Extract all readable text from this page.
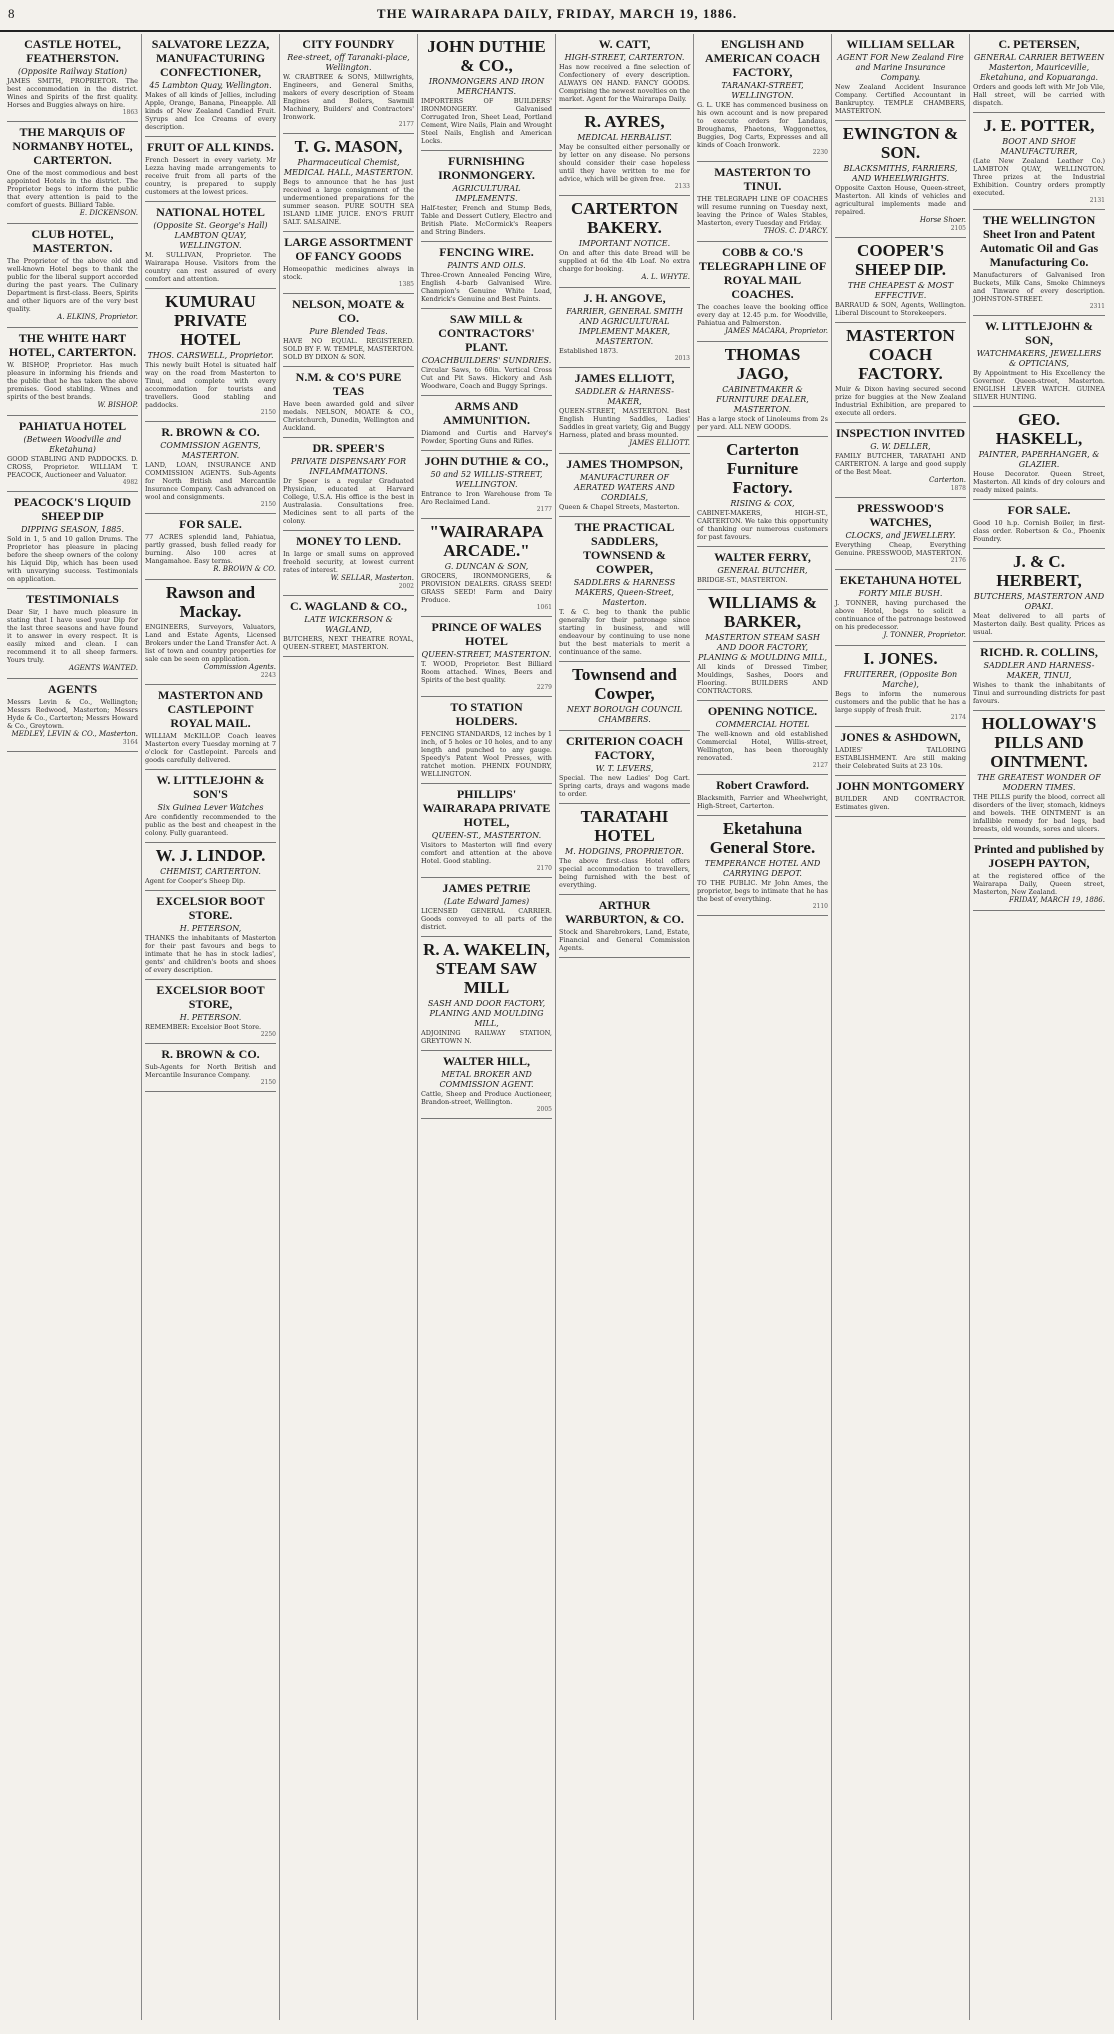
8	THE WAIRARAPA DAILY, FRIDAY, MARCH 19, 1886.
CASTLE HOTEL, FEATHERSTON.
(Opposite Railway Station)
JAMES SMITH, PROPRIETOR. The best accommodation in the district. Wines and Spirits of the first quality. Horses and Buggies always on hire.
1863
THE MARQUIS OF NORMANBY HOTEL, CARTERTON.
One of the most commodious and best appointed Hotels in the district. The Proprietor begs to inform the public that every attention is paid to the comfort of guests. Billiard Table.
E. DICKENSON.
CLUB HOTEL, MASTERTON.
The Proprietor of the above old and well-known Hotel begs to thank the public for the liberal support accorded during the past years. The Culinary Department is first-class. Beers, Spirits and other liquors are of the very best quality.
A. ELKINS, Proprietor.
THE WHITE HART HOTEL, CARTERTON.
W. BISHOP, Proprietor. Has much pleasure in informing his friends and the public that he has taken the above premises. Good stabling. Wines and spirits of the best brands.
W. BISHOP.
PAHIATUA HOTEL
(Between Woodville and Eketahuna)
GOOD STABLING AND PADDOCKS. D. CROSS, Proprietor. WILLIAM T. PEACOCK, Auctioneer and Valuator.
4982
PEACOCK'S LIQUID SHEEP DIP
DIPPING SEASON, 1885.
Sold in 1, 5 and 10 gallon Drums. The Proprietor has pleasure in placing before the sheep owners of the colony his Liquid Dip, which has been used with unvarying success. Testimonials on application.
TESTIMONIALS
Dear Sir, I have much pleasure in stating that I have used your Dip for the last three seasons and have found it to answer in every respect. It is easily mixed and clean. I can recommend it to all sheep farmers. Yours truly.
AGENTS WANTED.
AGENTS
Messrs Levin & Co., Wellington; Messrs Redwood, Masterton; Messrs Hyde & Co., Carterton; Messrs Howard & Co., Greytown.
MEDLEY, LEVIN & CO., Masterton.
3164
SALVATORE LEZZA, MANUFACTURING CONFECTIONER,
45 Lambton Quay, Wellington.
Makes of all kinds of Jellies, including Apple, Orange, Banana, Pineapple. All kinds of New Zealand Candied Fruit. Syrups and Ice Creams of every description.
FRUIT OF ALL KINDS.
French Dessert in every variety. Mr Lezza having made arrangements to receive fruit from all parts of the country, is prepared to supply customers at the lowest prices.
NATIONAL HOTEL
(Opposite St. George's Hall) LAMBTON QUAY, WELLINGTON.
M. SULLIVAN, Proprietor. The Wairarapa House. Visitors from the country can rest assured of every comfort and attention.
KUMURAU PRIVATE HOTEL
THOS. CARSWELL, Proprietor.
This newly built Hotel is situated half way on the road from Masterton to Tinui, and complete with every accommodation for tourists and travellers. Good stabling and paddocks.
2150
R. BROWN & CO.
COMMISSION AGENTS, MASTERTON.
LAND, LOAN, INSURANCE AND COMMISSION AGENTS. Sub-Agents for North British and Mercantile Insurance Company. Cash advanced on wool and consignments.
2150
FOR SALE.
77 ACRES splendid land, Pahiatua, partly grassed, bush felled ready for burning. Also 100 acres at Mangamahoe. Easy terms.
R. BROWN & CO.
Rawson and Mackay.
ENGINEERS, Surveyors, Valuators, Land and Estate Agents, Licensed Brokers under the Land Transfer Act. A list of town and country properties for sale can be seen on application.
Commission Agents.
2243
MASTERTON AND CASTLEPOINT ROYAL MAIL.
WILLIAM McKILLOP. Coach leaves Masterton every Tuesday morning at 7 o'clock for Castlepoint. Parcels and goods carefully delivered.
W. LITTLEJOHN & SON'S
Six Guinea Lever Watches
Are confidently recommended to the public as the best and cheapest in the colony. Fully guaranteed.
W. J. LINDOP.
CHEMIST, CARTERTON.
Agent for Cooper's Sheep Dip.
EXCELSIOR BOOT STORE.
H. PETERSON,
THANKS the inhabitants of Masterton for their past favours and begs to intimate that he has in stock ladies', gents' and children's boots and shoes of every description.
EXCELSIOR BOOT STORE,
H. PETERSON.
REMEMBER: Excelsior Boot Store.
2250
R. BROWN & CO.
Sub-Agents for North British and Mercantile Insurance Company.
2150
CITY FOUNDRY
Ree-street, off Taranaki-place, Wellington.
W. CRABTREE & SONS, Millwrights, Engineers, and General Smiths, makers of every description of Steam Engines and Boilers, Sawmill Machinery, Builders' and Contractors' Ironwork.
2177
T. G. MASON,
Pharmaceutical Chemist, MEDICAL HALL, MASTERTON.
Begs to announce that he has just received a large consignment of the undermentioned preparations for the summer season. PURE SOUTH SEA ISLAND LIME JUICE. ENO'S FRUIT SALT. SALSAINE.
LARGE ASSORTMENT OF FANCY GOODS
Homeopathic medicines always in stock.
1385
NELSON, MOATE & CO.
Pure Blended Teas.
HAVE NO EQUAL. REGISTERED. SOLD BY F. W. TEMPLE, MASTERTON. SOLD BY DIXON & SON.
N.M. & CO'S PURE TEAS
Have been awarded gold and silver medals. NELSON, MOATE & CO., Christchurch, Dunedin, Wellington and Auckland.
DR. SPEER'S
PRIVATE DISPENSARY FOR INFLAMMATIONS.
Dr Speer is a regular Graduated Physician, educated at Harvard College, U.S.A. His office is the best in Australasia. Consultations free. Medicines sent to all parts of the colony.
MONEY TO LEND.
In large or small sums on approved freehold security, at lowest current rates of interest.
W. SELLAR, Masterton.
2002
C. WAGLAND & CO.,
LATE WICKERSON & WAGLAND,
BUTCHERS, NEXT THEATRE ROYAL, QUEEN-STREET, MASTERTON.
JOHN DUTHIE & CO.,
IRONMONGERS AND IRON MERCHANTS.
IMPORTERS OF BUILDERS' IRONMONGERY. Galvanised Corrugated Iron, Sheet Lead, Portland Cement, Wire Nails, Plain and Wrought Steel Nails, English and American Locks.
FURNISHING IRONMONGERY.
AGRICULTURAL IMPLEMENTS.
Half-tester, French and Stump Beds, Table and Dessert Cutlery, Electro and British Plate. McCormick's Reapers and String Binders.
FENCING WIRE.
PAINTS AND OILS.
Three-Crown Annealed Fencing Wire, English 4-barb Galvanised Wire. Champion's Genuine White Lead, Kendrick's Genuine and Best Paints.
SAW MILL & CONTRACTORS' PLANT.
COACHBUILDERS' SUNDRIES.
Circular Saws, to 60in. Vertical Cross Cut and Pit Saws. Hickory and Ash Woodware, Coach and Buggy Springs.
ARMS AND AMMUNITION.
Diamond and Curtis and Harvey's Powder, Sporting Guns and Rifles.
JOHN DUTHIE & CO.,
50 and 52 WILLIS-STREET, WELLINGTON.
Entrance to Iron Warehouse from Te Aro Reclaimed Land.
2177
"WAIRARAPA ARCADE."
G. DUNCAN & SON,
GROCERS, IRONMONGERS, & PROVISION DEALERS. GRASS SEED! GRASS SEED! Farm and Dairy Produce.
1061
PRINCE OF WALES HOTEL
QUEEN-STREET, MASTERTON.
T. WOOD, Proprietor. Best Billiard Room attached. Wines, Beers and Spirits of the best quality.
2279
TO STATION HOLDERS.
FENCING STANDARDS, 12 inches by 1 inch, of 5 holes or 10 holes, and to any length and punched to any gauge. Speedy's Patent Wool Presses, with ratchet motion. PHENIX FOUNDRY, WELLINGTON.
PHILLIPS' WAIRARAPA PRIVATE HOTEL,
QUEEN-ST., MASTERTON.
Visitors to Masterton will find every comfort and attention at the above Hotel. Good stabling.
2170
JAMES PETRIE
(Late Edward James)
LICENSED GENERAL CARRIER. Goods conveyed to all parts of the district.
R. A. WAKELIN, STEAM SAW MILL
SASH AND DOOR FACTORY, PLANING AND MOULDING MILL,
ADJOINING RAILWAY STATION, GREYTOWN N.
WALTER HILL,
METAL BROKER AND COMMISSION AGENT.
Cattle, Sheep and Produce Auctioneer, Brandon-street, Wellington.
2005
W. CATT,
HIGH-STREET, CARTERTON.
Has now received a fine selection of Confectionery of every description. ALWAYS ON HAND. FANCY GOODS. Comprising the newest novelties on the market. Agent for the Wairarapa Daily.
R. AYRES,
MEDICAL HERBALIST.
May be consulted either personally or by letter on any disease. No persons should consider their case hopeless until they have written to me for advice, which will be given free.
2133
CARTERTON BAKERY.
IMPORTANT NOTICE.
On and after this date Bread will be supplied at 6d the 4lb Loaf. No extra charge for booking.
A. L. WHYTE.
J. H. ANGOVE,
FARRIER, GENERAL SMITH AND AGRICULTURAL IMPLEMENT MAKER, MASTERTON.
Established 1873.
2013
JAMES ELLIOTT,
SADDLER & HARNESS-MAKER,
QUEEN-STREET, MASTERTON. Best English Hunting Saddles, Ladies' Saddles in great variety, Gig and Buggy Harness, plated and brass mounted.
JAMES ELLIOTT.
JAMES THOMPSON,
MANUFACTURER OF AERATED WATERS AND CORDIALS,
Queen & Chapel Streets, Masterton.
THE PRACTICAL SADDLERS, TOWNSEND & COWPER,
SADDLERS & HARNESS MAKERS, Queen-Street, Masterton.
T. & C. beg to thank the public generally for their patronage since starting in business, and will endeavour by continuing to use none but the best materials to merit a continuance of the same.
Townsend and Cowper,
NEXT BOROUGH COUNCIL CHAMBERS.
CRITERION COACH FACTORY,
W. T. LEVERS,
Special. The new Ladies' Dog Cart. Spring carts, drays and wagons made to order.
TARATAHI HOTEL
M. HODGINS, PROPRIETOR.
The above first-class Hotel offers special accommodation to travellers, being furnished with the best of everything.
ARTHUR WARBURTON, & CO.
Stock and Sharebrokers, Land, Estate, Financial and General Commission Agents.
ENGLISH AND AMERICAN COACH FACTORY,
TARANAKI-STREET, WELLINGTON.
G. L. UKE has commenced business on his own account and is now prepared to execute orders for Landaus, Broughams, Phaetons, Waggonettes, Buggies, Dog Carts, Expresses and all kinds of Coach Ironwork.
2230
MASTERTON TO TINUI.
THE TELEGRAPH LINE OF COACHES will resume running on Tuesday next, leaving the Prince of Wales Stables, Masterton, every Tuesday and Friday.
THOS. C. D'ARCY.
COBB & CO.'S TELEGRAPH LINE OF ROYAL MAIL COACHES.
The coaches leave the booking office every day at 12.45 p.m. for Woodville, Pahiatua and Palmerston.
JAMES MACARA, Proprietor.
THOMAS JAGO,
CABINETMAKER & FURNITURE DEALER, MASTERTON.
Has a large stock of Linoleums from 2s per yard. ALL NEW GOODS.
Carterton Furniture Factory.
RISING & COX,
CABINET-MAKERS, HIGH-ST., CARTERTON. We take this opportunity of thanking our numerous customers for past favours.
WALTER FERRY,
GENERAL BUTCHER,
BRIDGE-ST., MASTERTON.
WILLIAMS & BARKER,
MASTERTON STEAM SASH AND DOOR FACTORY, PLANING & MOULDING MILL,
All kinds of Dressed Timber, Mouldings, Sashes, Doors and Flooring. BUILDERS AND CONTRACTORS.
OPENING NOTICE.
COMMERCIAL HOTEL
The well-known and old established Commercial Hotel, Willis-street, Wellington, has been thoroughly renovated.
2127
Robert Crawford.
Blacksmith, Farrier and Wheelwright, High-Street, Carterton.
Eketahuna General Store.
TEMPERANCE HOTEL AND CARRYING DEPOT.
TO THE PUBLIC. Mr John Ames, the proprietor, begs to intimate that he has the best of everything.
2110
WILLIAM SELLAR
AGENT FOR New Zealand Fire and Marine Insurance Company.
New Zealand Accident Insurance Company. Certified Accountant in Bankruptcy. TEMPLE CHAMBERS, MASTERTON.
EWINGTON & SON.
BLACKSMITHS, FARRIERS, AND WHEELWRIGHTS.
Opposite Caxton House, Queen-street, Masterton. All kinds of vehicles and agricultural implements made and repaired.
Horse Shoer.
2105
COOPER'S SHEEP DIP.
THE CHEAPEST & MOST EFFECTIVE.
BARRAUD & SON, Agents, Wellington. Liberal Discount to Storekeepers.
MASTERTON COACH FACTORY.
Muir & Dixon having secured second prize for buggies at the New Zealand Industrial Exhibition, are prepared to execute all orders.
INSPECTION INVITED
G. W. DELLER,
FAMILY BUTCHER, TARATAHI AND CARTERTON. A large and good supply of the Best Meat.
Carterton.
1878
PRESSWOOD'S WATCHES,
CLOCKS, and JEWELLERY.
Everything Cheap, Everything Genuine. PRESSWOOD, MASTERTON.
2176
EKETAHUNA HOTEL
FORTY MILE BUSH.
J. TONNER, having purchased the above Hotel, begs to solicit a continuance of the patronage bestowed on his predecessor.
J. TONNER, Proprietor.
I. JONES.
FRUITERER, (Opposite Bon Marche),
Begs to inform the numerous customers and the public that he has a large supply of fresh fruit.
2174
JONES & ASHDOWN,
LADIES' TAILORING ESTABLISHMENT. Are still making their Celebrated Suits at 23 10s.
JOHN MONTGOMERY
BUILDER AND CONTRACTOR. Estimates given.
C. PETERSEN,
GENERAL CARRIER BETWEEN Masterton, Mauriceville, Eketahuna, and Kopuaranga.
Orders and goods left with Mr Job Vile, Hall street, will be carried with dispatch.
J. E. POTTER,
BOOT AND SHOE MANUFACTURER,
(Late New Zealand Leather Co.) LAMBTON QUAY, WELLINGTON. Three prizes at the Industrial Exhibition. Country orders promptly executed.
2131
THE WELLINGTON Sheet Iron and Patent Automatic Oil and Gas Manufacturing Co.
Manufacturers of Galvanised Iron Buckets, Milk Cans, Smoke Chimneys and Tinware of every description. JOHNSTON-STREET.
2311
W. LITTLEJOHN & SON,
WATCHMAKERS, JEWELLERS & OPTICIANS,
By Appointment to His Excellency the Governor. Queen-street, Masterton. ENGLISH LEVER WATCH. GUINEA SILVER HUNTING.
GEO. HASKELL,
PAINTER, PAPERHANGER, & GLAZIER.
House Decorator. Queen Street, Masterton. All kinds of dry colours and ready mixed paints.
FOR SALE.
Good 10 h.p. Cornish Boiler, in first-class order. Robertson & Co., Phoenix Foundry.
J. & C. HERBERT,
BUTCHERS, MASTERTON AND OPAKI.
Meat delivered to all parts of Masterton daily. Best quality. Prices as usual.
RICHD. R. COLLINS,
SADDLER AND HARNESS-MAKER, TINUI,
Wishes to thank the inhabitants of Tinui and surrounding districts for past favours.
HOLLOWAY'S PILLS AND OINTMENT.
THE GREATEST WONDER OF MODERN TIMES.
THE PILLS purify the blood, correct all disorders of the liver, stomach, kidneys and bowels. THE OINTMENT is an infallible remedy for bad legs, bad breasts, old wounds, sores and ulcers.
Printed and published by JOSEPH PAYTON,
at the registered office of the Wairarapa Daily, Queen street, Masterton, New Zealand.
FRIDAY, MARCH 19, 1886.
